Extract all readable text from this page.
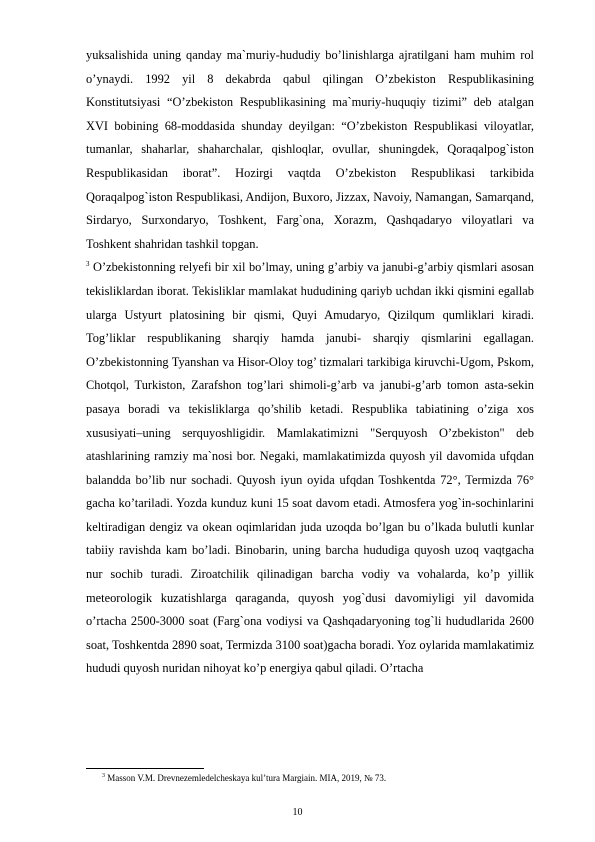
yuksalishida uning qanday ma`muriy-hududiy bo’linishlarga ajratilgani ham muhim rol o’ynaydi. 1992 yil 8 dekabrda qabul qilingan O’zbekiston Respublikasining Konstitutsiyasi “O’zbekiston Respublikasining ma`muriy-huquqiy tizimi” deb atalgan XVI bobining 68-moddasida shunday deyilgan: “O’zbekiston Respublikasi viloyatlar, tumanlar, shaharlar, shaharchalar, qishloqlar, ovullar, shuningdek, Qoraqalpog`iston Respublikasidan iborat”. Hozirgi vaqtda O’zbekiston Respublikasi tarkibida Qoraqalpog`iston Respublikasi, Andijon, Buxoro, Jizzax, Navoiy, Namangan, Samarqand, Sirdaryo, Surxondaryo, Toshkent, Farg`ona, Xorazm, Qashqadaryo viloyatlari va Toshkent shahridan tashkil topgan.
$^3$ O’zbekistonning relyefi bir xil bo’lmay, uning g’arbiy va janubi-g’arbiy qismlari asosan tekisliklardan iborat. Tekisliklar mamlakat hududining qariyb uchdan ikki qismini egallab ularga Ustyurt platosining bir qismi, Quyi Amudaryo, Qizilqum qumliklari kiradi. Tog’liklar respublikaning sharqiy hamda janubi- sharqiy qismlarini egallagan. O’zbekistonning Tyanshan va Hisor-Oloy tog’ tizmalari tarkibiga kiruvchi-Ugom, Pskom, Chotqol, Turkiston, Zarafshon tog’lari shimoli-g’arb va janubi-g’arb tomon asta-sekin pasaya boradi va tekisliklarga qo’shilib ketadi. Respublika tabiatining o’ziga xos xususiyati–uning serquyoshligidir. Mamlakatimizni "Serquyosh O’zbekiston" deb atashlarining ramziy ma`nosi bor. Negaki, mamlakatimizda quyosh yil davomida ufqdan balandda bo’lib nur sochadi. Quyosh iyun oyida ufqdan Toshkentda 72°, Termizda 76° gacha ko’tariladi. Yozda kunduz kuni 15 soat davom etadi. Atmosfera yog`in-sochinlarini keltiradigan dengiz va okean oqimlaridan juda uzoqda bo’lgan bu o’lkada bulutli kunlar tabiiy ravishda kam bo’ladi. Binobarin, uning barcha hududiga quyosh uzoq vaqtgacha nur sochib turadi. Ziroatchilik qilinadigan barcha vodiy va vohalarda, ko’p yillik meteorologik kuzatishlarga qaraganda, quyosh yog`dusi davomiyligi yil davomida o’rtacha 2500-3000 soat (Farg`ona vodiysi va Qashqadaryoning tog`li hududlarida 2600 soat, Toshkentda 2890 soat, Termizda 3100 soat)gacha boradi. Yoz oylarida mamlakatimiz hududi quyosh nuridan nihoyat ko’p energiya qabul qiladi. O’rtacha

$^3$ Masson V.M. Drevnezemledelcheskaya kul’tura Margiain. MIA, 2019, № 73.

10
